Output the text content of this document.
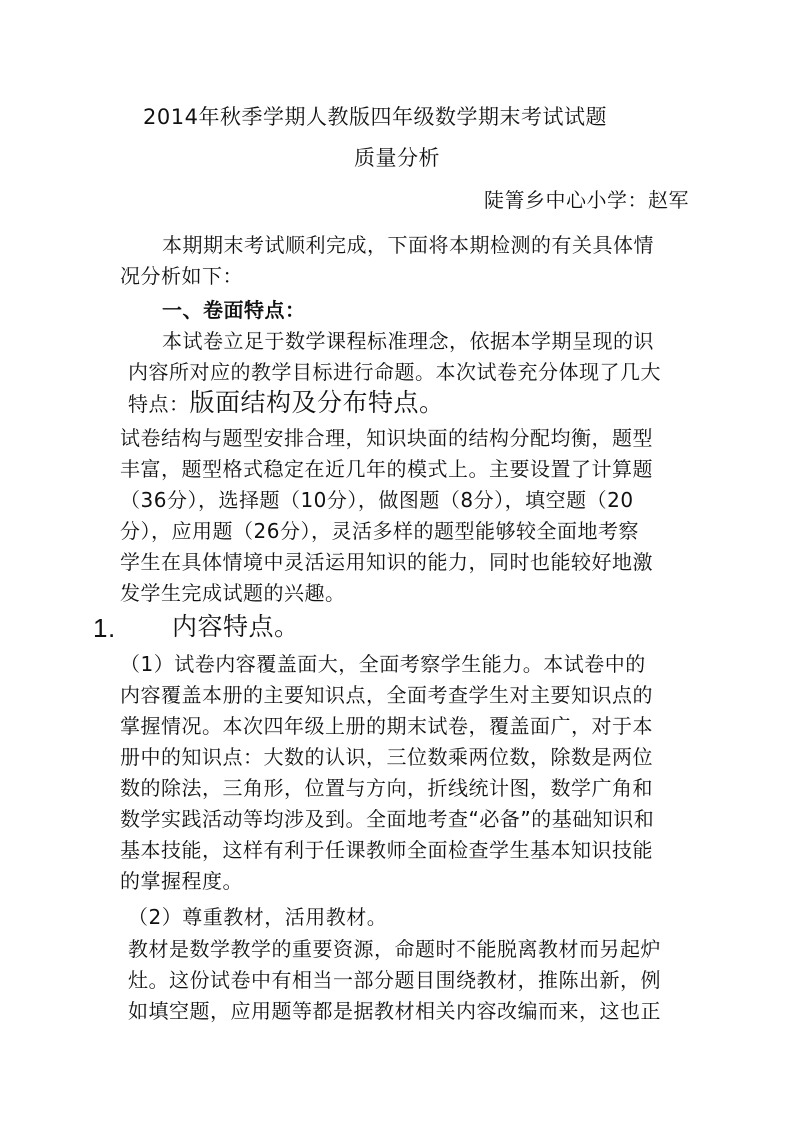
2014年秋季学期人教版四年级数学期末考试试题
质量分析
陡箐乡中心小学：赵军
本期期末考试顺利完成，下面将本期检测的有关具体情
况分析如下：
一、卷面特点：
本试卷立足于数学课程标准理念，依据本学期呈现的识
内容所对应的教学目标进行命题。本次试卷充分体现了几大
特点：版面结构及分布特点。
试卷结构与题型安排合理，知识块面的结构分配均衡，题型
丰富，题型格式稳定在近几年的模式上。主要设置了计算题
（36分），选择题（10分），做图题（8分），填空题（20
分），应用题（26分），灵活多样的题型能够较全面地考察
学生在具体情境中灵活运用知识的能力，同时也能较好地激
发学生完成试题的兴趣。
1. 内容特点。
（1）试卷内容覆盖面大，全面考察学生能力。本试卷中的
内容覆盖本册的主要知识点，全面考查学生对主要知识点的
掌握情况。本次四年级上册的期末试卷，覆盖面广，对于本
册中的知识点：大数的认识，三位数乘两位数，除数是两位
数的除法，三角形，位置与方向，折线统计图，数学广角和
数学实践活动等均涉及到。全面地考查“必备”的基础知识和
基本技能，这样有利于任课教师全面检查学生基本知识技能
的掌握程度。
（2）尊重教材，活用教材。
教材是数学教学的重要资源，命题时不能脱离教材而另起炉
灶。这份试卷中有相当一部分题目围绕教材，推陈出新，例
如填空题，应用题等都是据教材相关内容改编而来，这也正
